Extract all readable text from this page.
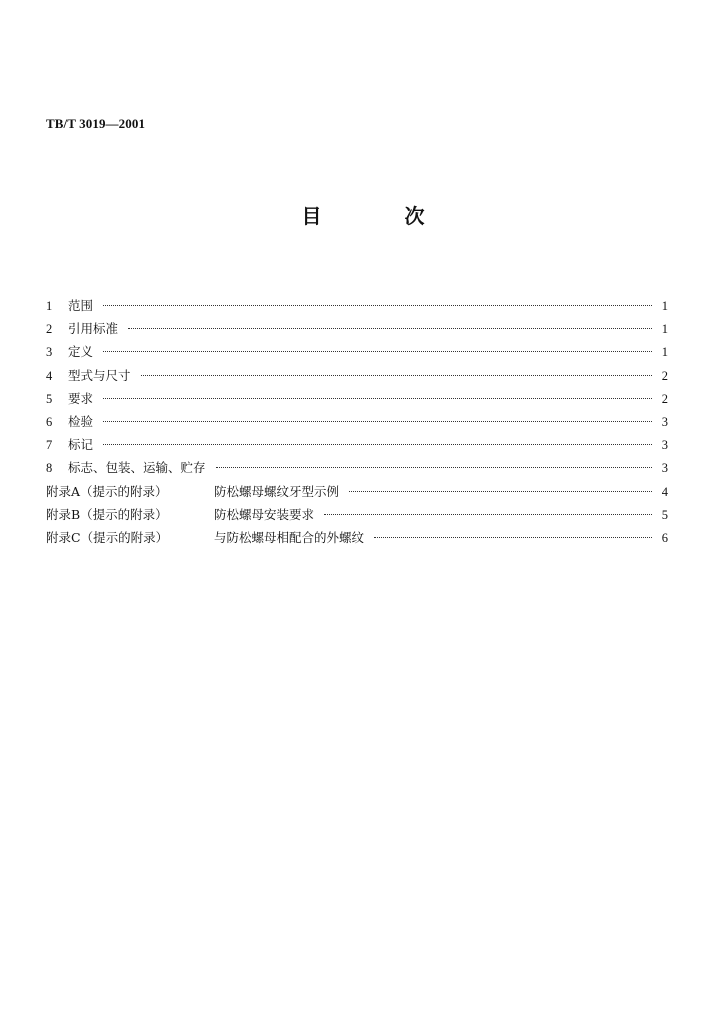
TB/T 3019—2001
目 次
1	范围	1
2	引用标准	1
3	定义	1
4	型式与尺寸	2
5	要求	2
6	检验	3
7	标记	3
8	标志、包装、运输、贮存	3
附录A（提示的附录）	防松螺母螺纹牙型示例	4
附录B（提示的附录）	防松螺母安装要求	5
附录C（提示的附录）	与防松螺母相配合的外螺纹	6
